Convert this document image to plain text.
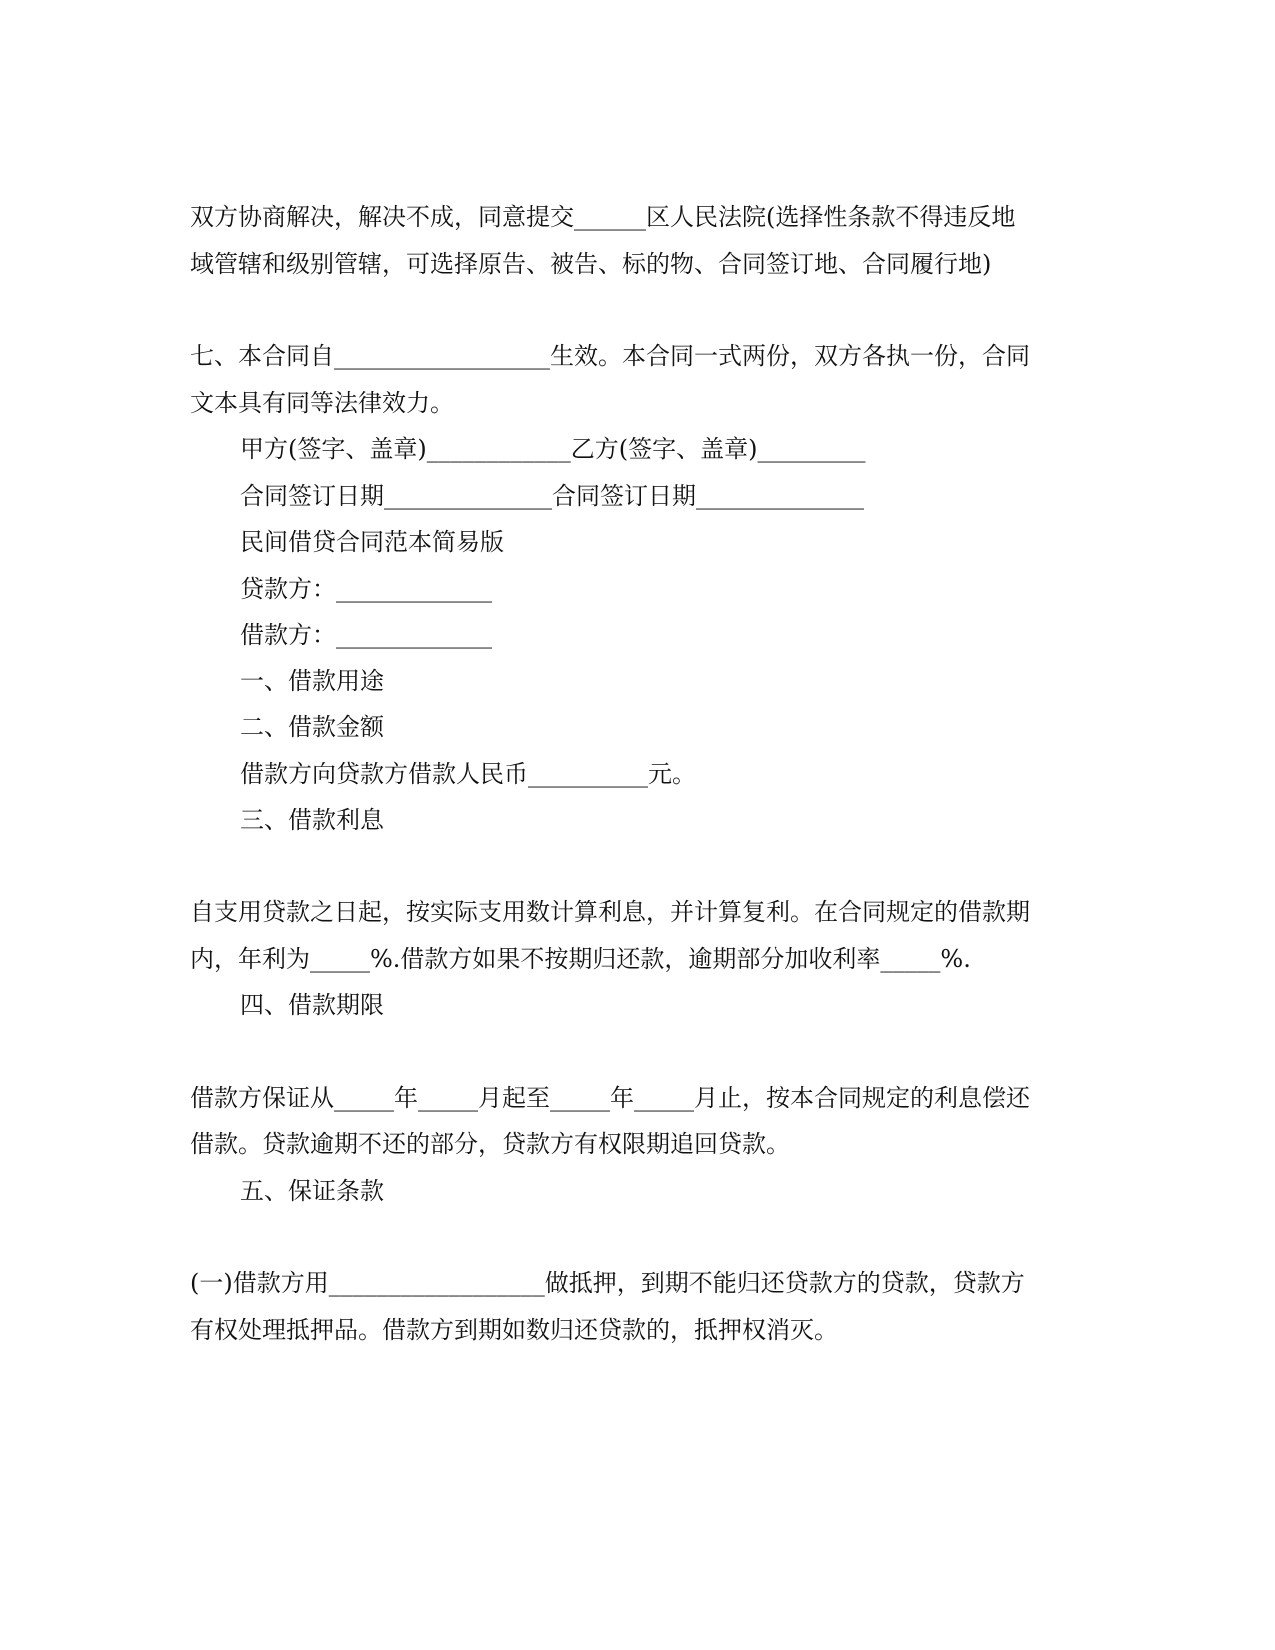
双方协商解决，解决不成，同意提交______区人民法院(选择性条款不得违反地
域管辖和级别管辖，可选择原告、被告、标的物、合同签订地、合同履行地)
七、本合同自__________________生效。本合同一式两份，双方各执一份，合同
文本具有同等法律效力。
甲方(签字、盖章)____________乙方(签字、盖章)_________
合同签订日期______________合同签订日期______________
民间借贷合同范本简易版
贷款方：_____________
借款方：_____________
一、借款用途
二、借款金额
借款方向贷款方借款人民币__________元。
三、借款利息
自支用贷款之日起，按实际支用数计算利息，并计算复利。在合同规定的借款期
内，年利为_____%.借款方如果不按期归还款，逾期部分加收利率_____%.
四、借款期限
借款方保证从_____年_____月起至_____年_____月止，按本合同规定的利息偿还
借款。贷款逾期不还的部分，贷款方有权限期追回贷款。
五、保证条款
(一)借款方用__________________做抵押，到期不能归还贷款方的贷款，贷款方
有权处理抵押品。借款方到期如数归还贷款的，抵押权消灭。
